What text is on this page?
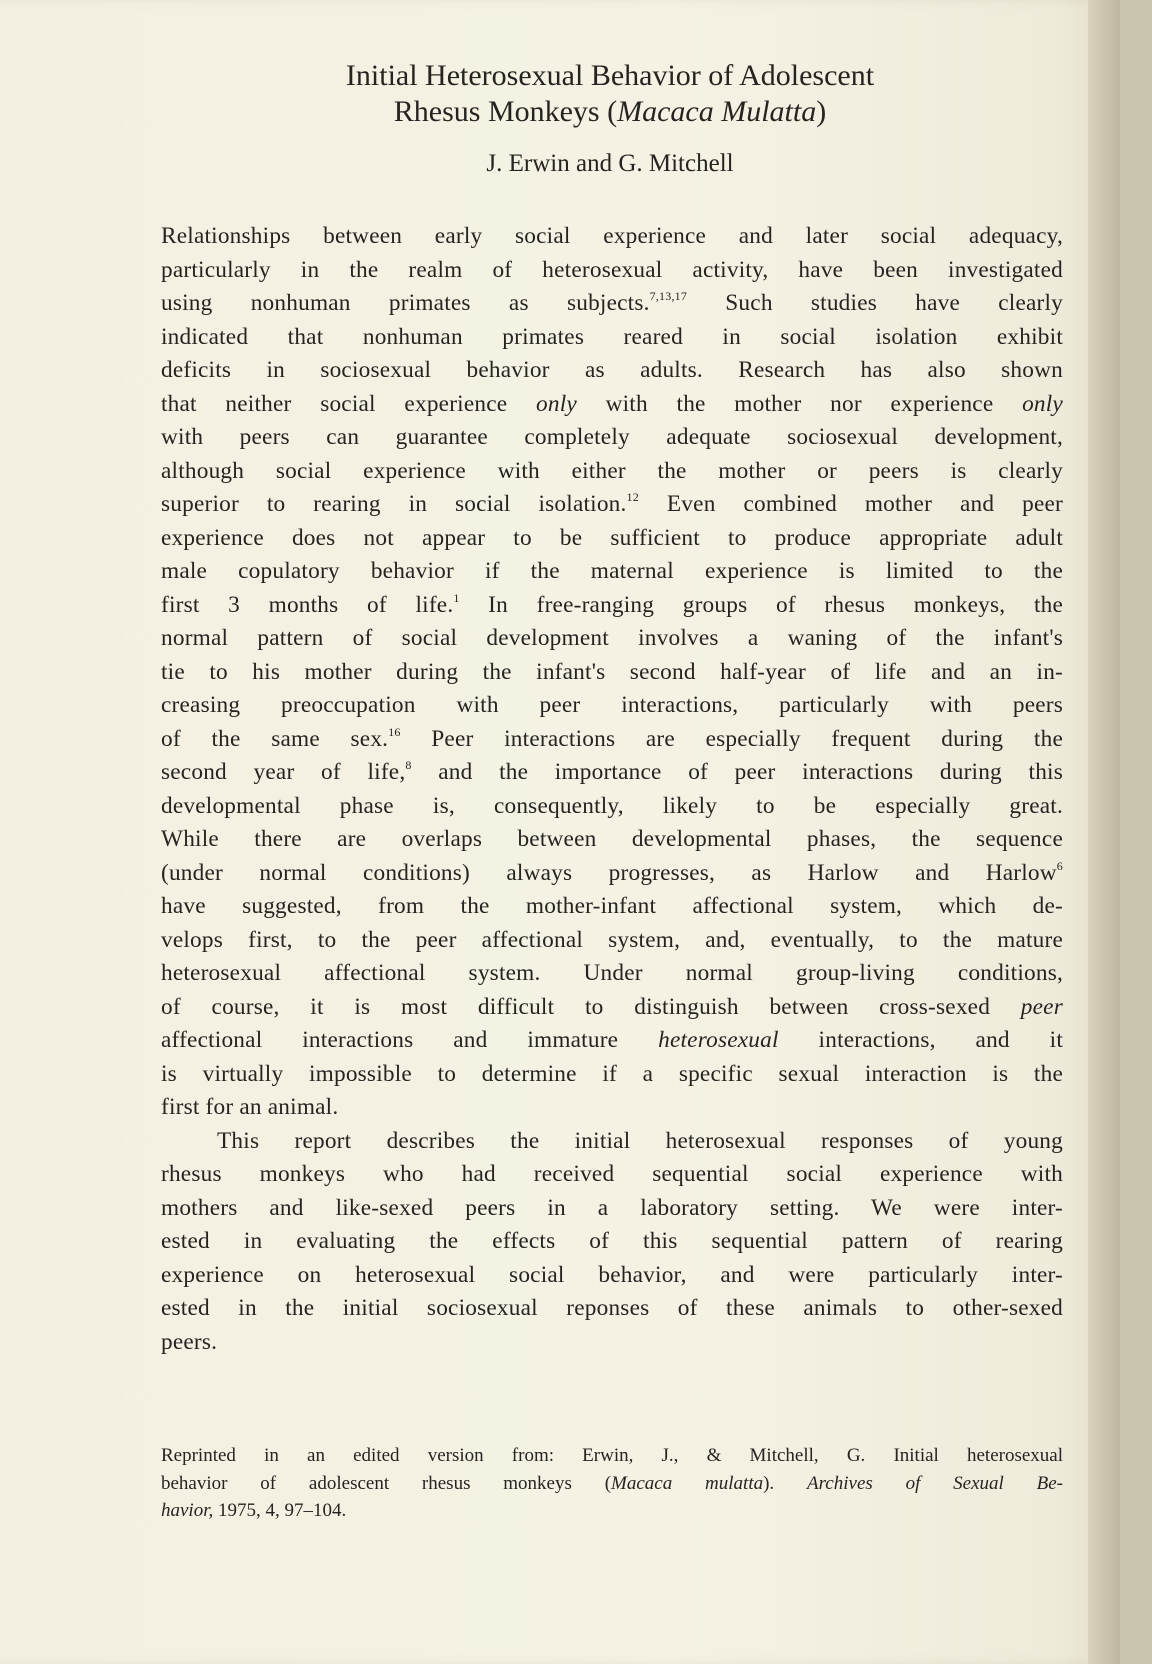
Initial Heterosexual Behavior of Adolescent
Rhesus Monkeys (Macaca Mulatta)

J. Erwin and G. Mitchell

Relationships between early social experience and later social adequacy,
particularly in the realm of heterosexual activity, have been investigated
using nonhuman primates as subjects.$^{7,13,17}$ Such studies have clearly
indicated that nonhuman primates reared in social isolation exhibit
deficits in sociosexual behavior as adults. Research has also shown
that neither social experience only with the mother nor experience only
with peers can guarantee completely adequate sociosexual development,
although social experience with either the mother or peers is clearly
superior to rearing in social isolation.$^{12}$ Even combined mother and peer
experience does not appear to be sufficient to produce appropriate adult
male copulatory behavior if the maternal experience is limited to the
first 3 months of life.$^1$ In free-ranging groups of rhesus monkeys, the
normal pattern of social development involves a waning of the infant's
tie to his mother during the infant's second half-year of life and an in-
creasing preoccupation with peer interactions, particularly with peers
of the same sex.$^{16}$ Peer interactions are especially frequent during the
second year of life,$^8$ and the importance of peer interactions during this
developmental phase is, consequently, likely to be especially great.
While there are overlaps between developmental phases, the sequence
(under normal conditions) always progresses, as Harlow and Harlow$^6$
have suggested, from the mother-infant affectional system, which de-
velops first, to the peer affectional system, and, eventually, to the mature
heterosexual affectional system. Under normal group-living conditions,
of course, it is most difficult to distinguish between cross-sexed peer
affectional interactions and immature heterosexual interactions, and it
is virtually impossible to determine if a specific sexual interaction is the
first for an animal.
This report describes the initial heterosexual responses of young
rhesus monkeys who had received sequential social experience with
mothers and like-sexed peers in a laboratory setting. We were inter-
ested in evaluating the effects of this sequential pattern of rearing
experience on heterosexual social behavior, and were particularly inter-
ested in the initial sociosexual reponses of these animals to other-sexed
peers.
Reprinted in an edited version from: Erwin, J., & Mitchell, G. Initial heterosexual
behavior of adolescent rhesus monkeys (Macaca mulatta). Archives of Sexual Be-
havior, 1975, 4, 97–104.
